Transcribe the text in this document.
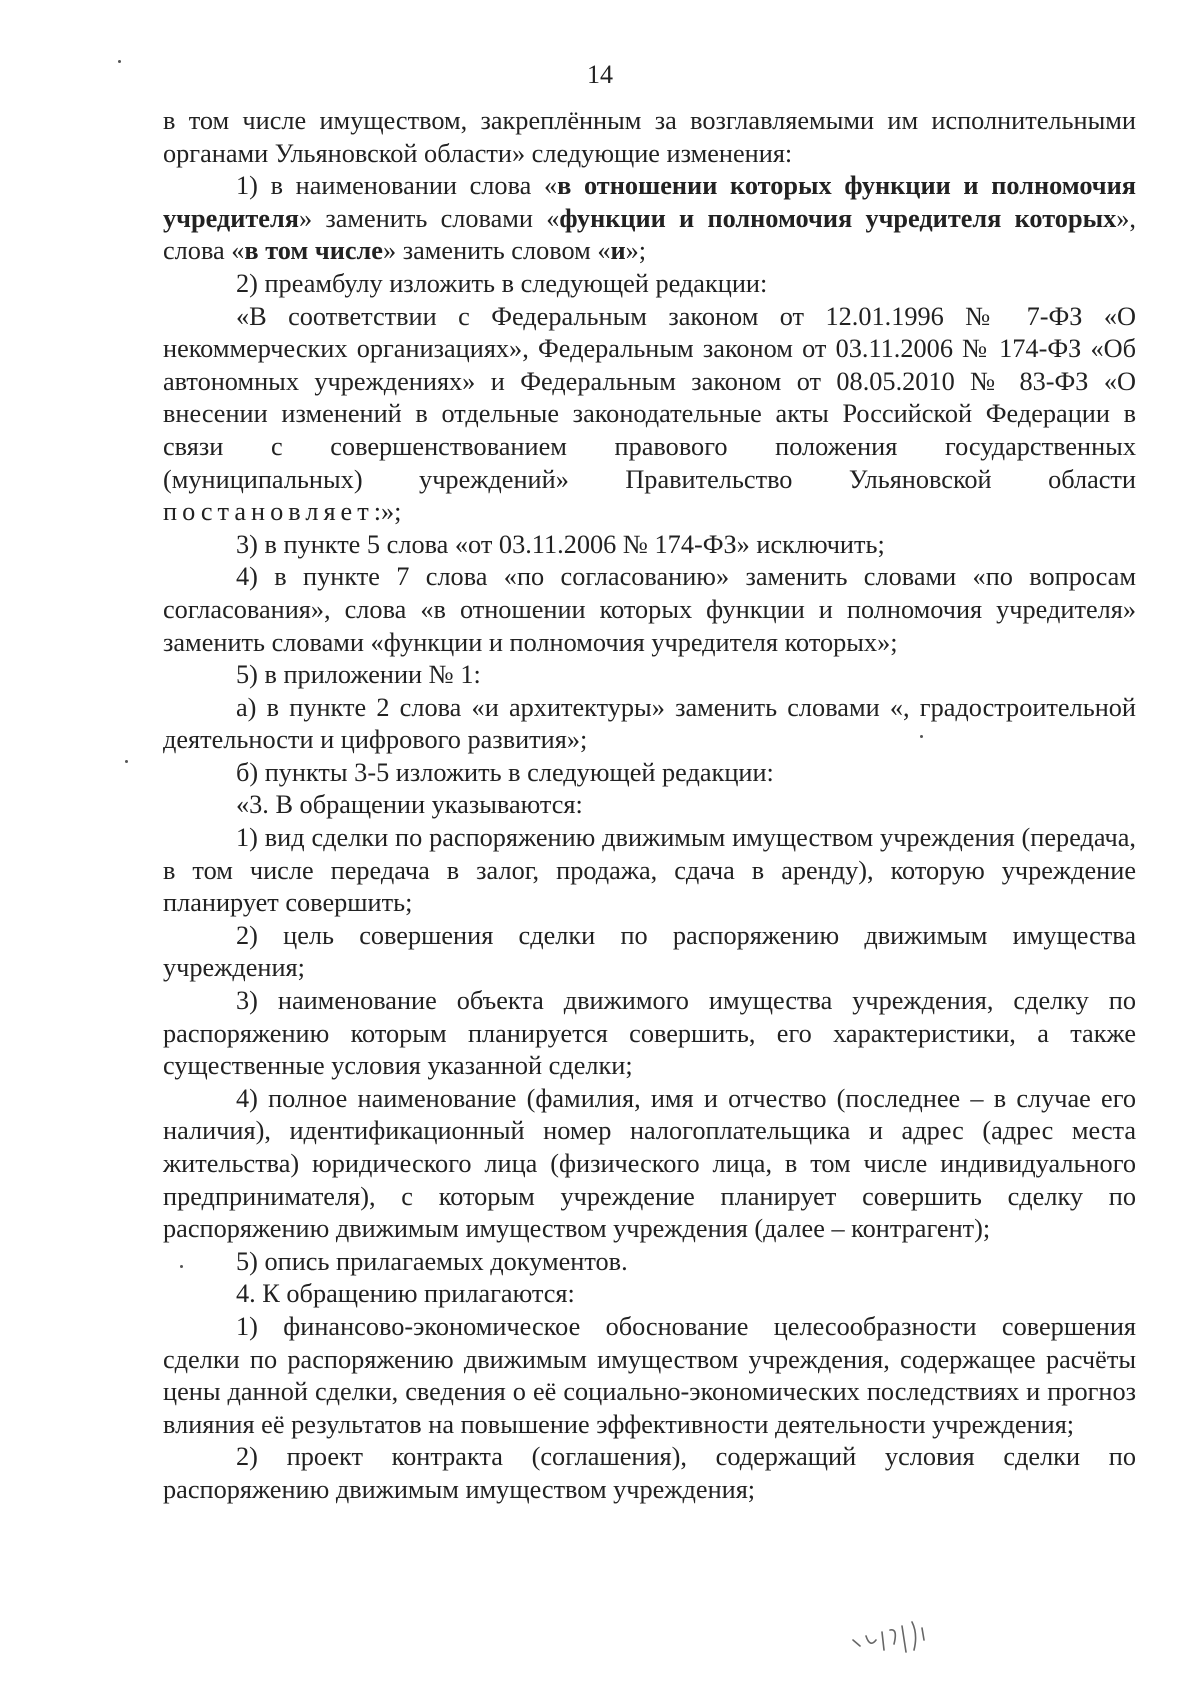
14

в том числе имуществом, закреплённым за возглавляемыми им исполнительными органами Ульяновской области» следующие изменения:

1) в наименовании слова «в отношении которых функции и полномочия учредителя» заменить словами «функции и полномочия учредителя которых», слова «в том числе» заменить словом «и»;

2) преамбулу изложить в следующей редакции:

«В соответствии с Федеральным законом от 12.01.1996 № 7-ФЗ «О некоммерческих организациях», Федеральным законом от 03.11.2006 № 174-ФЗ «Об автономных учреждениях» и Федеральным законом от 08.05.2010 № 83-ФЗ «О внесении изменений в отдельные законодательные акты Российской Федерации в связи с совершенствованием правового положения государственных (муниципальных) учреждений» Правительство Ульяновской области постановляет:»;

3) в пункте 5 слова «от 03.11.2006 № 174-ФЗ» исключить;

4) в пункте 7 слова «по согласованию» заменить словами «по вопросам согласования», слова «в отношении которых функции и полномочия учредителя» заменить словами «функции и полномочия учредителя которых»;

5) в приложении № 1:

а) в пункте 2 слова «и архитектуры» заменить словами «, градостроительной деятельности и цифрового развития»;

б) пункты 3-5 изложить в следующей редакции:

«3. В обращении указываются:

1) вид сделки по распоряжению движимым имуществом учреждения (передача, в том числе передача в залог, продажа, сдача в аренду), которую учреждение планирует совершить;

2) цель совершения сделки по распоряжению движимым имущества учреждения;

3) наименование объекта движимого имущества учреждения, сделку по распоряжению которым планируется совершить, его характеристики, а также существенные условия указанной сделки;

4) полное наименование (фамилия, имя и отчество (последнее – в случае его наличия), идентификационный номер налогоплательщика и адрес (адрес места жительства) юридического лица (физического лица, в том числе индивидуального предпринимателя), с которым учреждение планирует совершить сделку по распоряжению движимым имуществом учреждения (далее – контрагент);

5) опись прилагаемых документов.

4. К обращению прилагаются:

1) финансово-экономическое обоснование целесообразности совершения сделки по распоряжению движимым имуществом учреждения, содержащее расчёты цены данной сделки, сведения о её социально-экономических последствиях и прогноз влияния её результатов на повышение эффективности деятельности учреждения;

2) проект контракта (соглашения), содержащий условия сделки по распоряжению движимым имуществом учреждения;
